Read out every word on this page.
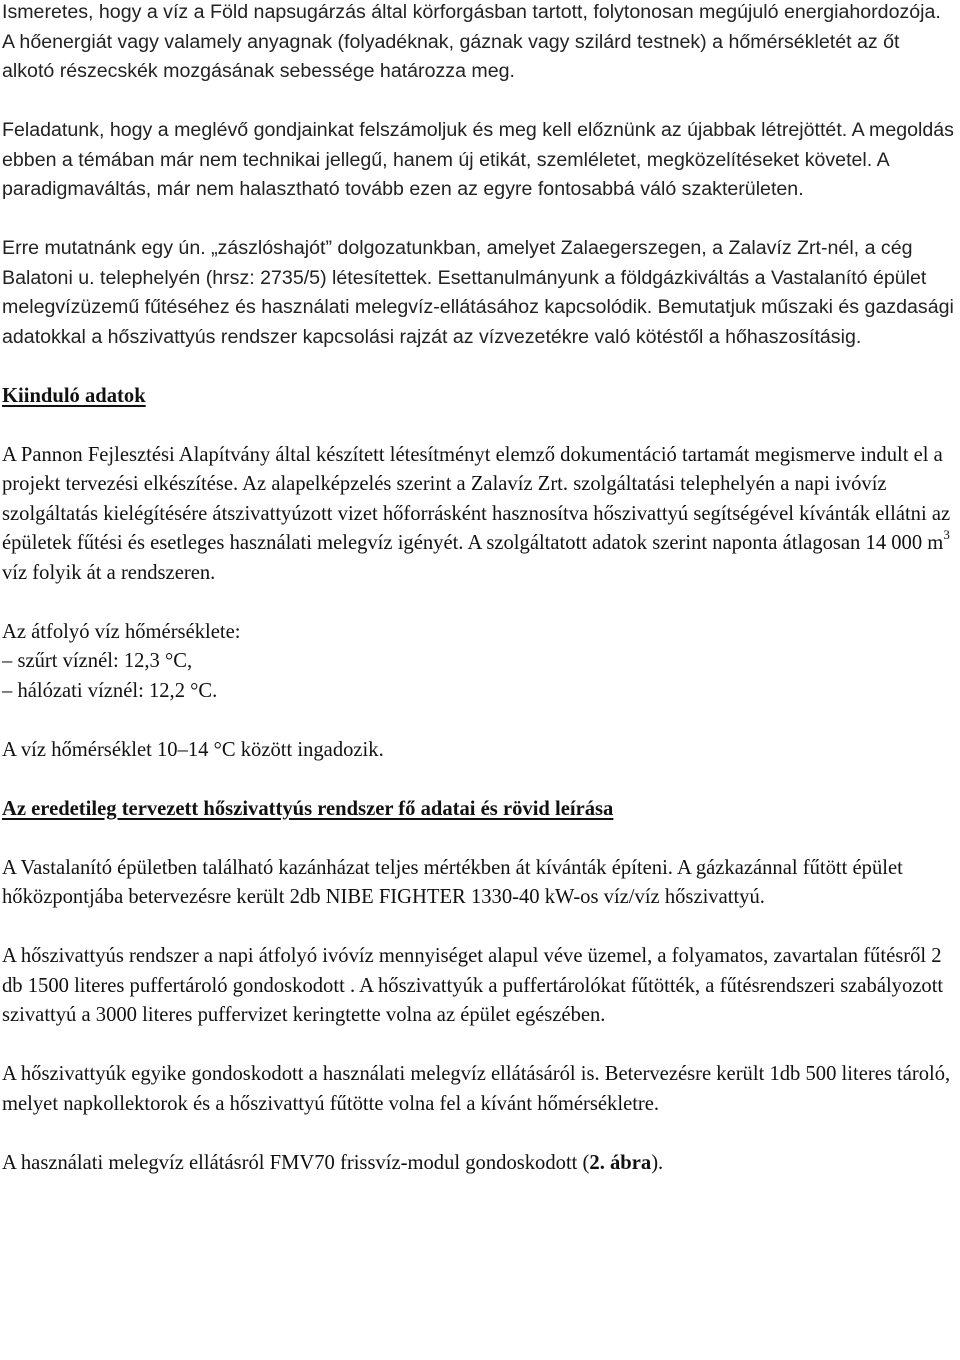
Ismeretes, hogy a víz a Föld napsugárzás által körforgásban tartott, folytonosan megújuló energiahordozója. A hőenergiát vagy valamely anyagnak (folyadéknak, gáznak vagy szilárd testnek) a hőmérsékletét az őt alkotó részecskék mozgásának sebessége határozza meg.

Feladatunk, hogy a meglévő gondjainkat felszámoljuk és meg kell előznünk az újabbak létrejöttét. A megoldás ebben a témában már nem technikai jellegű, hanem új etikát, szemléletet, megközelítéseket követel. A paradigmaváltás, már nem halasztható tovább ezen az egyre fontosabbá váló szakterületen.

Erre mutatnánk egy ún. „zászlóshajót” dolgozatunkban, amelyet Zalaegerszegen, a Zalavíz Zrt-nél, a cég Balatoni u. telephelyén (hrsz: 2735/5) létesítettek. Esettanulmányunk a földgázkiváltás a Vastalanító épület melegvízüzemű fűtéséhez és használati melegvíz-ellátásához kapcsolódik. Bemutatjuk műszaki és gazdasági adatokkal a hőszivattyús rendszer kapcsolási rajzát az vízvezetékre való kötéstől a hőhaszosításig.

Kiinduló adatok

A Pannon Fejlesztési Alapítvány által készített létesítményt elemző dokumentáció tartamát megismerve indult el a projekt tervezési elkészítése. Az alapelképzelés szerint a Zalavíz Zrt. szolgáltatási telephelyén a napi ivóvíz szolgáltatás kielégítésére átszivattyúzott vizet hőforrásként hasznosítva hőszivattyú segítségével kívánták ellátni az épületek fűtési és esetleges használati melegvíz igényét. A szolgáltatott adatok szerint naponta átlagosan 14 000 $m^3$ víz folyik át a rendszeren.

Az átfolyó víz hőmérséklete:

– szűrt víznél: 12,3 °C,

– hálózati víznél: 12,2 °C.

A víz hőmérséklet 10–14 °C között ingadozik.

Az eredetileg tervezett hőszivattyús rendszer fő adatai és rövid leírása

A Vastalanító épületben található kazánházat teljes mértékben át kívánták építeni. A gázkazánnal fűtött épület hőközpontjába betervezésre került 2db NIBE FIGHTER 1330-40 kW-os víz/víz hőszivattyú.

A hőszivattyús rendszer a napi átfolyó ivóvíz mennyiséget alapul véve üzemel, a folyamatos, zavartalan fűtésről 2 db 1500 literes puffertároló gondoskodott . A hőszivattyúk a puffertárolókat fűtötték, a fűtésrendszeri szabályozott szivattyú a 3000 literes puffervizet keringtette volna az épület egészében.

A hőszivattyúk egyike gondoskodott a használati melegvíz ellátásáról is. Betervezésre került 1db 500 literes tároló, melyet napkollektorok és a hőszivattyú fűtötte volna fel a kívánt hőmérsékletre.

A használati melegvíz ellátásról FMV70 frissvíz-modul gondoskodott (2. ábra).
